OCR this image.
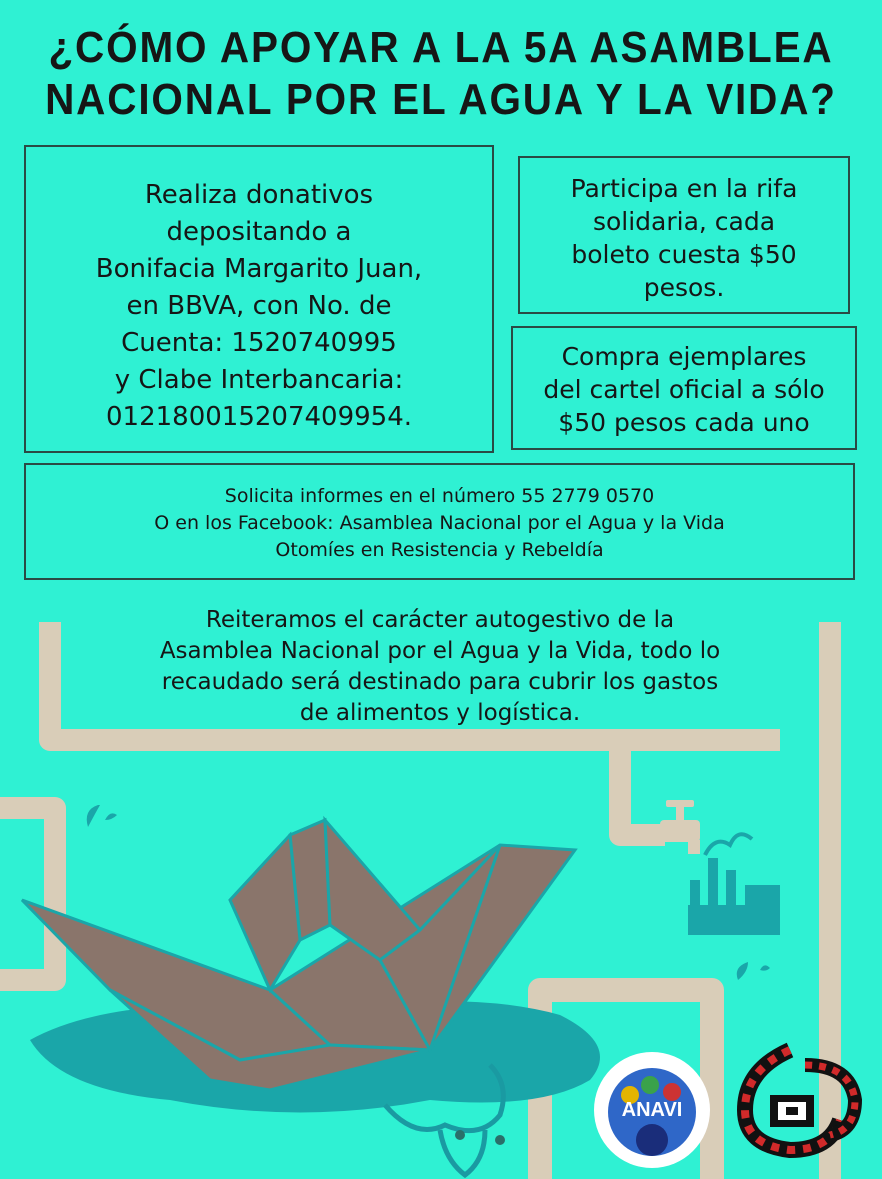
ANAVI
¿CÓMO APOYAR A LA 5A ASAMBLEA
NACIONAL POR EL AGUA Y LA VIDA?
Realiza donativos
depositando a
Bonifacia Margarito Juan,
en BBVA, con No. de
Cuenta: 1520740995
y Clabe Interbancaria:
012180015207409954.
Participa en la rifa
solidaria, cada
boleto cuesta $50
pesos.
Compra ejemplares
del cartel oficial a sólo
$50 pesos cada uno
Solicita informes en el número 55 2779 0570
O en los Facebook: Asamblea Nacional por el Agua y la Vida
Otomíes en Resistencia y Rebeldía
Reiteramos el carácter autogestivo de la
Asamblea Nacional por el Agua y la Vida, todo lo
recaudado será destinado para cubrir los gastos
de alimentos y logística.
